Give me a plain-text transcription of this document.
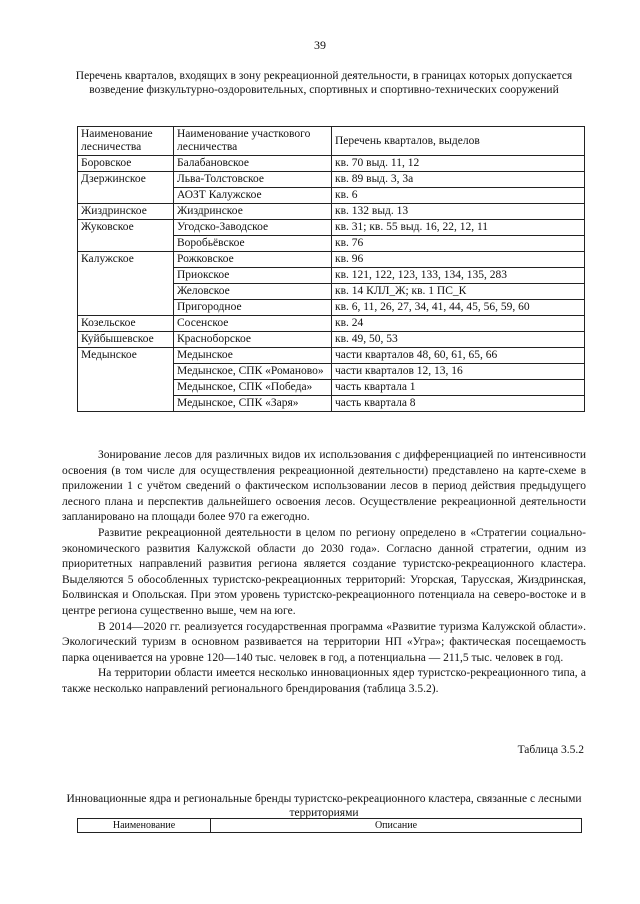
39
Перечень кварталов, входящих в зону рекреационной деятельности, в границах которых допускается возведение физкультурно-оздоровительных, спортивных и спортивно-технических сооружений
Наименование лесничества	Наименование участкового лесничества	Перечень кварталов, выделов
Боровское	Балабановское	кв. 70 выд. 11, 12
Дзержинское	Льва-Толстовское	кв. 89 выд. 3, 3а
	АОЗТ Калужское	кв. 6
Жиздринское	Жиздринское	кв. 132 выд. 13
Жуковское	Угодско-Заводское	кв. 31; кв. 55 выд. 16, 22, 12, 11
	Воробьёвское	кв. 76
Калужское	Рожковское	кв. 96
	Приокское	кв. 121, 122, 123, 133, 134, 135, 283
	Желовское	кв. 14 КЛЛ_Ж; кв. 1 ПС_К
	Пригородное	кв. 6, 11, 26, 27, 34, 41, 44, 45, 56, 59, 60
Козельское	Сосенское	кв. 24
Куйбышевское	Красноборское	кв. 49, 50, 53
Медынское	Медынское	части кварталов 48, 60, 61, 65, 66
	Медынское, СПК «Романово»	части кварталов 12, 13, 16
	Медынское, СПК «Победа»	часть квартала 1
	Медынское, СПК «Заря»	часть квартала 8

Зонирование лесов для различных видов их использования с дифференциацией по интенсивности освоения (в том числе для осуществления рекреационной деятельности) представлено на карте-схеме в приложении 1 с учётом сведений о фактическом использовании лесов в период действия предыдущего лесного плана и перспектив дальнейшего освоения лесов. Осуществление рекреационной деятельности запланировано на площади более 970 га ежегодно.

Развитие рекреационной деятельности в целом по региону определено в «Стратегии социально-экономического развития Калужской области до 2030 года». Согласно данной стратегии, одним из приоритетных направлений развития региона является создание туристско-рекреационного кластера. Выделяются 5 обособленных туристско-рекреационных территорий: Угорская, Тарусская, Жиздринская, Болвинская и Опольская. При этом уровень туристско-рекреационного потенциала на северо-востоке и в центре региона существенно выше, чем на юге.

В 2014—2020 гг. реализуется государственная программа «Развитие туризма Калужской области». Экологический туризм в основном развивается на территории НП «Угра»; фактическая посещаемость парка оценивается на уровне 120—140 тыс. человек в год, а потенциальна — 211,5 тыс. человек в год.

На территории области имеется несколько инновационных ядер туристско-рекреационного типа, а также несколько направлений регионального брендирования (таблица 3.5.2).

Таблица 3.5.2
Инновационные ядра и региональные бренды туристско-рекреационного кластера, связанные с лесными территориями
Наименование	Описание
